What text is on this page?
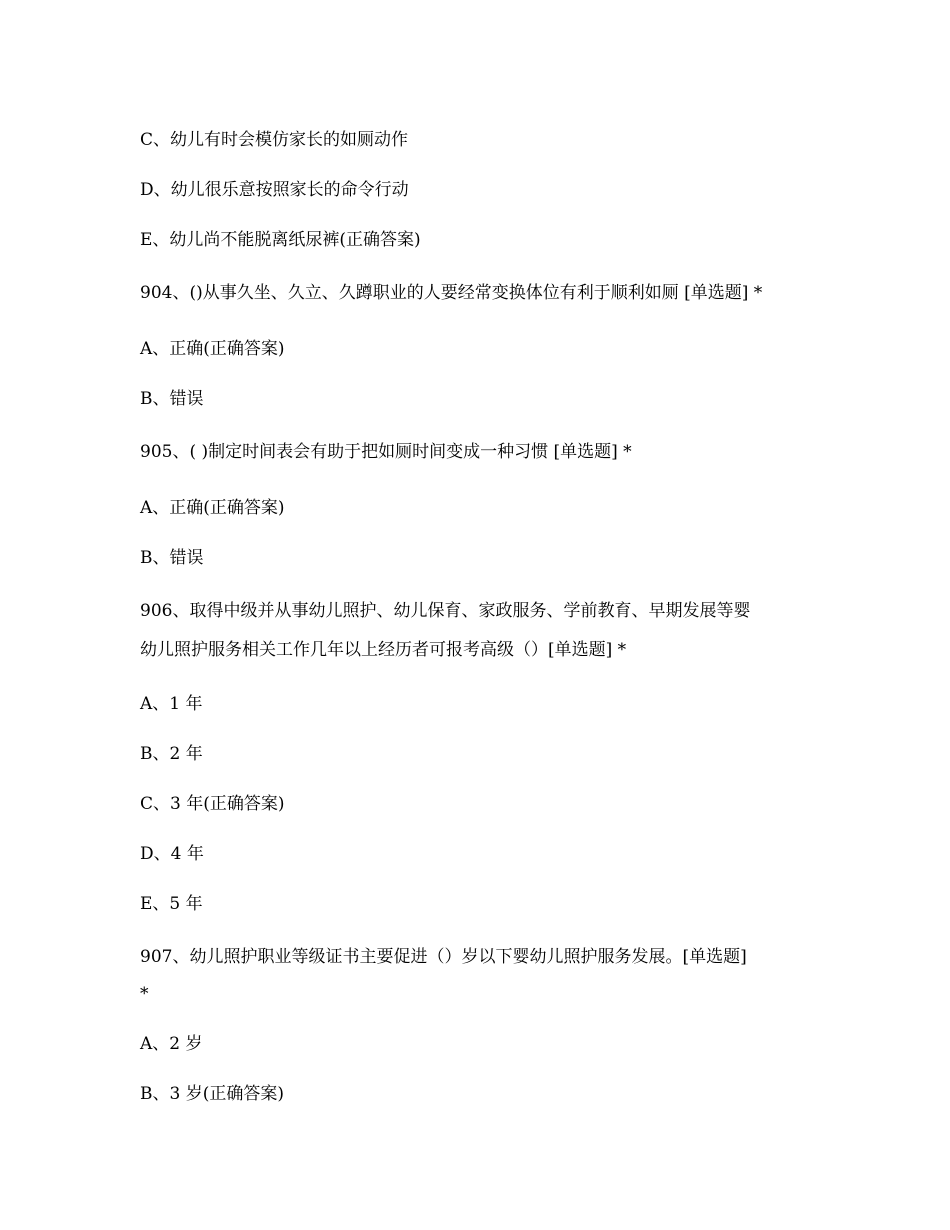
C、幼儿有时会模仿家长的如厕动作
D、幼儿很乐意按照家长的命令行动
E、幼儿尚不能脱离纸尿裤(正确答案)
904、()从事久坐、久立、久蹲职业的人要经常变换体位有利于顺利如厕 [单选题] *
A、正确(正确答案)
B、错误
905、( )制定时间表会有助于把如厕时间变成一种习惯 [单选题] *
A、正确(正确答案)
B、错误
906、取得中级并从事幼儿照护、幼儿保育、家政服务、学前教育、早期发展等婴
幼儿照护服务相关工作几年以上经历者可报考高级（）[单选题] *
A、1 年
B、2 年
C、3 年(正确答案)
D、4 年
E、5 年
907、幼儿照护职业等级证书主要促进（）岁以下婴幼儿照护服务发展。[单选题]
*
A、2 岁
B、3 岁(正确答案)
